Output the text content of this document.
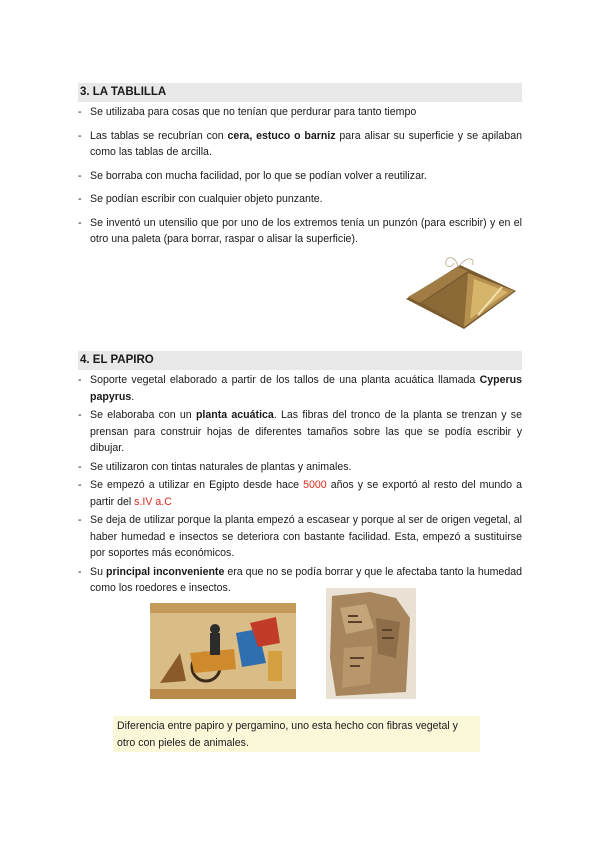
3. LA TABLILLA
- Se utilizaba para cosas que no tenían que perdurar para tanto tiempo
- Las tablas se recubrían con cera, estuco o barniz para alisar su superficie y se apilaban como las tablas de arcilla.
- Se borraba con mucha facilidad, por lo que se podían volver a reutilizar.
- Se podían escribir con cualquier objeto punzante.
- Se inventó un utensilio que por uno de los extremos tenía un punzón (para escribir) y en el otro una paleta (para borrar, raspar o alisar la superficie).
4. EL PAPIRO
- Soporte vegetal elaborado a partir de los tallos de una planta acuática llamada Cyperus papyrus.
- Se elaboraba con un planta acuática. Las fibras del tronco de la planta se trenzan y se prensan para construir hojas de diferentes tamaños sobre las que se podía escribir y dibujar.
- Se utilizaron con tintas naturales de plantas y animales.
- Se empezó a utilizar en Egipto desde hace 5000 años y se exportó al resto del mundo a partir del s.IV a.C
- Se deja de utilizar porque la planta empezó a escasear y porque al ser de origen vegetal, al haber humedad e insectos se deteriora con bastante facilidad. Esta, empezó a sustituirse por soportes más económicos.
- Su principal inconveniente era que no se podía borrar y que le afectaba tanto la humedad como los roedores e insectos.
Diferencia entre papiro y pergamino, uno esta hecho con fibras vegetal y otro con pieles de animales.
